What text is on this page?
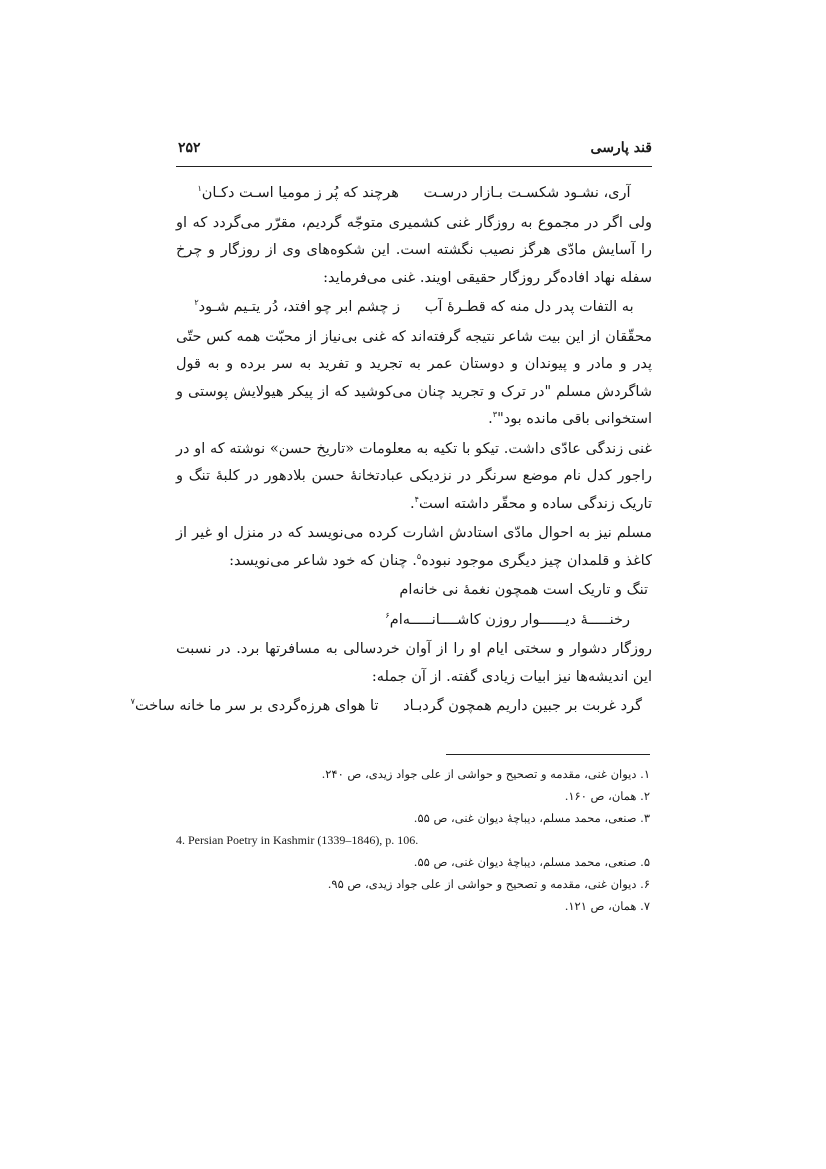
۲۵۲	قند پارسی
آری، نشـود شکسـت بـازار درسـت هرچند که پُر ز مومیا اسـت دکـان$^۱$
ولی اگر در مجموع به روزگار غنی کشمیری متوجّه گردیم، مقرّر می‌گردد که او را آسایش مادّی هرگز نصیب نگشته است. این شکوه‌های وی از روزگار و چرخ سفله نهاد افاده‌گر روزگار حقیقی اویند. غنی می‌فرماید:
به التفات پدر دل منه که قطـرهٔ آب ز چشم ابر چو افتد، دُر یتـیم شـود$^۲$
محقّقان از این بیت شاعر نتیجه گرفته‌اند که غنی بی‌نیاز از محبّت همه کس حتّی پدر و مادر و پیوندان و دوستان عمر به تجرید و تفرید به سر برده و به قول شاگردش مسلم "در ترک و تجرید چنان می‌کوشید که از پیکر هیولایش پوستی و استخوانی باقی مانده بود"$^۳$.
غنی زندگی عادّی داشت. تیکو با تکیه به معلومات «تاریخ حسن» نوشته که او در راجور کدل نام موضع سرنگر در نزدیکی عبادتخانهٔ حسن بلادهور در کلبهٔ تنگ و تاریک زندگی ساده و محقّر داشته است$^۴$.
مسلم نیز به احوال مادّی استادش اشارت کرده می‌نویسد که در منزل او غیر از کاغذ و قلمدان چیز دیگری موجود نبوده$^۵$. چنان که خود شاعر می‌نویسد:
تنگ و تاریک است همچون نغمهٔ نی خانه‌ام
رخنـــــهٔ دیــــــوار روزن کاشــــانـــــه‌ام$^۶$
روزگار دشوار و سختی ایام او را از آوان خردسالی به مسافرتها برد. در نسبت این اندیشه‌ها نیز ابیات زیادی گفته. از آن جمله:
گرد غربت بر جبین داریم همچون گردبـاد تا هوای هرزه‌گردی بر سر ما خانه ساخت$^۷$
۱. دیوان غنی، مقدمه و تصحیح و حواشی از علی جواد زیدی، ص ۲۴۰.
۲. همان، ص ۱۶۰.
۳. صنعی، محمد مسلم، دیباچهٔ دیوان غنی، ص ۵۵.
4. Persian Poetry in Kashmir (1339–1846), p. 106.
۵. صنعی، محمد مسلم، دیباچهٔ دیوان غنی، ص ۵۵.
۶. دیوان غنی، مقدمه و تصحیح و حواشی از علی جواد زیدی، ص ۹۵.
۷. همان، ص ۱۲۱.
